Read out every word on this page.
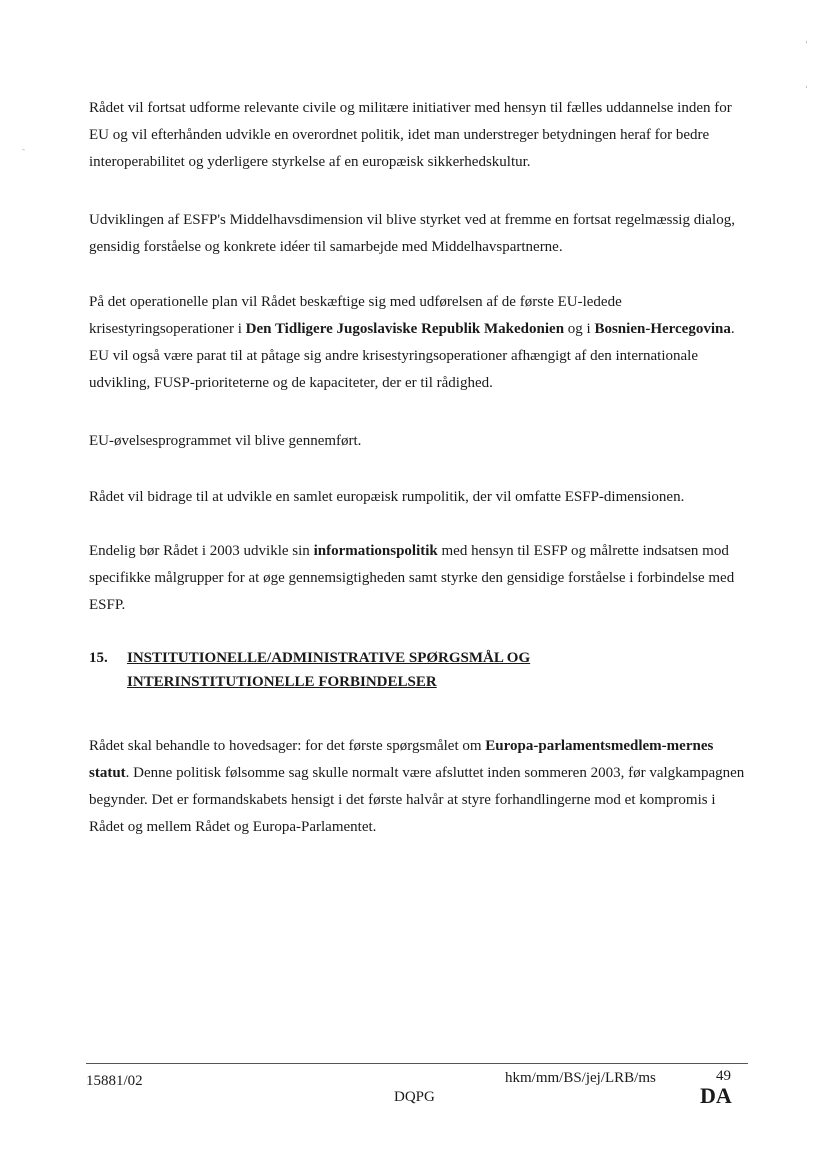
Rådet vil fortsat udforme relevante civile og militære initiativer med hensyn til fælles uddannelse inden for EU og vil efterhånden udvikle en overordnet politik, idet man understreger betydningen heraf for bedre interoperabilitet og yderligere styrkelse af en europæisk sikkerhedskultur.

Udviklingen af ESFP's Middelhavsdimension vil blive styrket ved at fremme en fortsat regelmæssig dialog, gensidig forståelse og konkrete idéer til samarbejde med Middelhavspartnerne.

På det operationelle plan vil Rådet beskæftige sig med udførelsen af de første EU-ledede krisestyringsoperationer i Den Tidligere Jugoslaviske Republik Makedonien og i Bosnien-Hercegovina. EU vil også være parat til at påtage sig andre krisestyringsoperationer afhængigt af den internationale udvikling, FUSP-prioriteterne og de kapaciteter, der er til rådighed.

EU-øvelsesprogrammet vil blive gennemført.

Rådet vil bidrage til at udvikle en samlet europæisk rumpolitik, der vil omfatte ESFP-dimensionen.

Endelig bør Rådet i 2003 udvikle sin informationspolitik med hensyn til ESFP og målrette indsatsen mod specifikke målgrupper for at øge gennemsigtigheden samt styrke den gensidige forståelse i forbindelse med ESFP.

15. INSTITUTIONELLE/ADMINISTRATIVE SPØRGSMÅL OG
INTERINSTITUTIONELLE FORBINDELSER

Rådet skal behandle to hovedsager: for det første spørgsmålet om Europa-parlamentsmedlem-mernes statut. Denne politisk følsomme sag skulle normalt være afsluttet inden sommeren 2003, før valgkampagnen begynder. Det er formandskabets hensigt i det første halvår at styre forhandlingerne mod et kompromis i Rådet og mellem Rådet og Europa-Parlamentet.

15881/02	hkm/mm/BS/jej/LRB/ms	49
DQPG	DA
-
‘
‘
